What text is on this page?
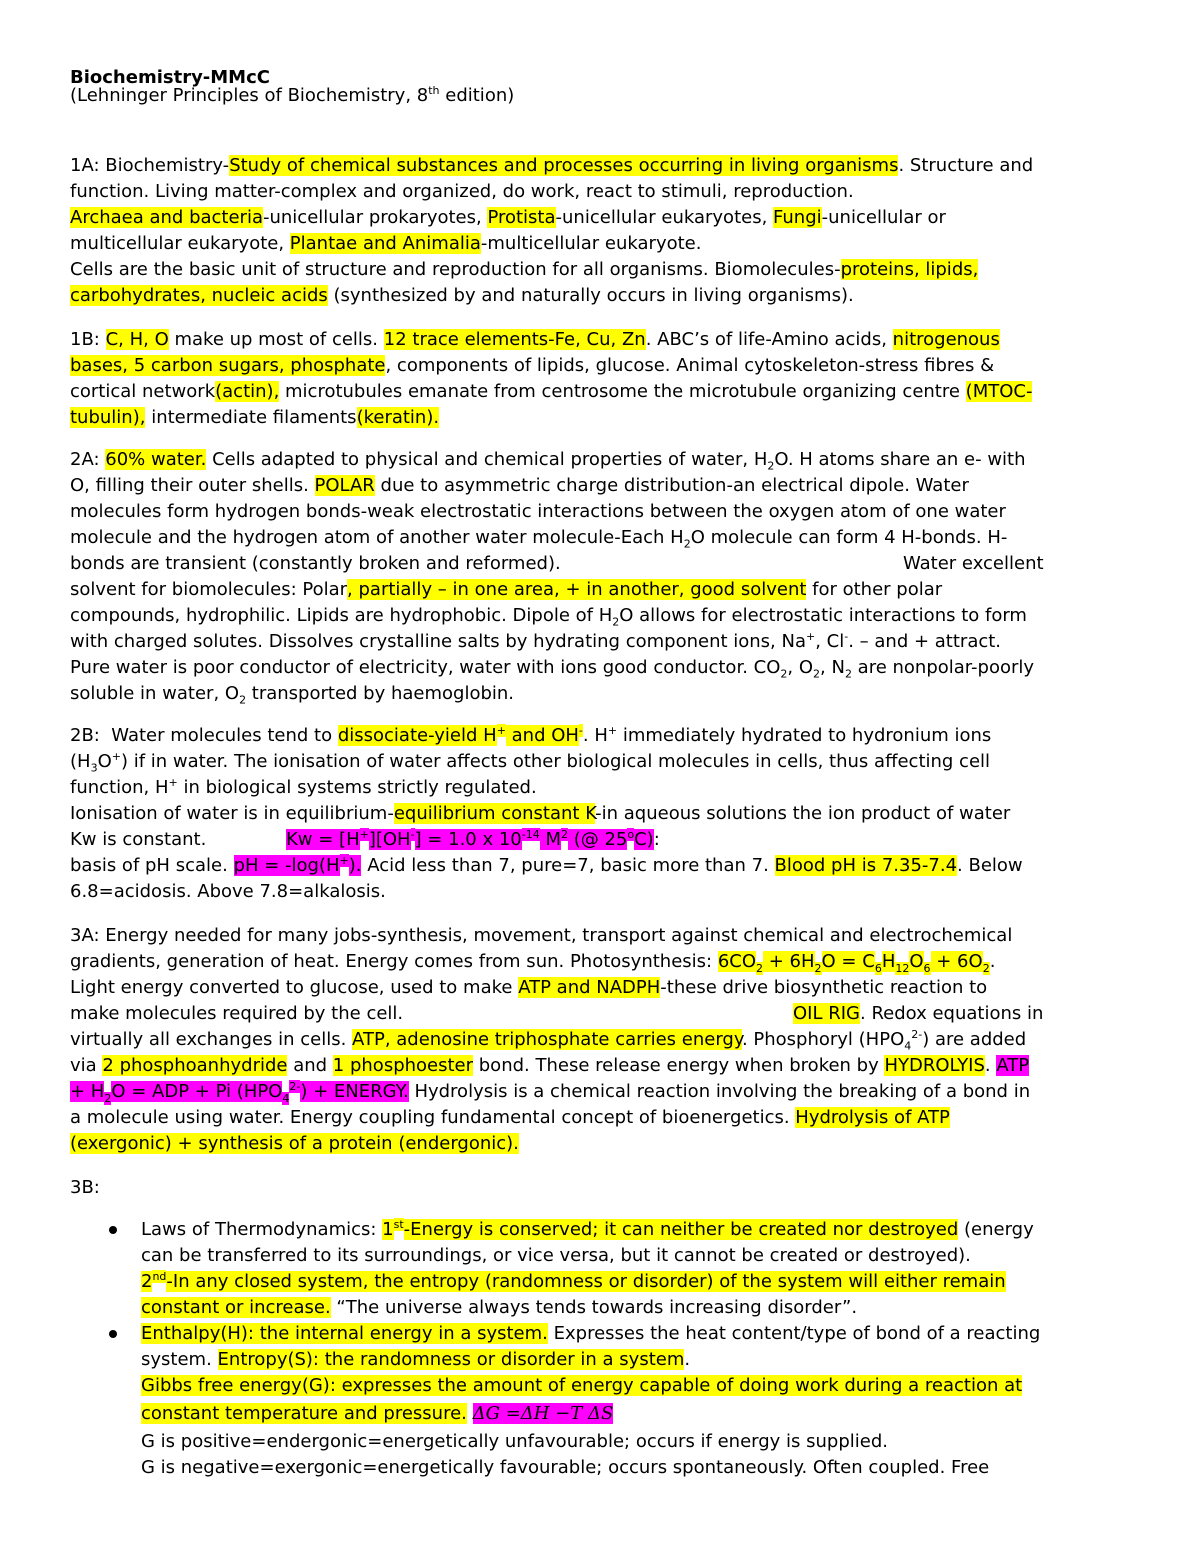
Biochemistry-MMcC
(Lehninger Principles of Biochemistry, 8th edition)
1A: Biochemistry-Study of chemical substances and processes occurring in living organisms. Structure and
function. Living matter-complex and organized, do work, react to stimuli, reproduction.
Archaea and bacteria-unicellular prokaryotes, Protista-unicellular eukaryotes, Fungi-unicellular or
multicellular eukaryote, Plantae and Animalia-multicellular eukaryote.
Cells are the basic unit of structure and reproduction for all organisms. Biomolecules-proteins, lipids,
carbohydrates, nucleic acids (synthesized by and naturally occurs in living organisms).
1B: C, H, O make up most of cells. 12 trace elements-Fe, Cu, Zn. ABC’s of life-Amino acids, nitrogenous
bases, 5 carbon sugars, phosphate, components of lipids, glucose. Animal cytoskeleton-stress fibres &
cortical network(actin), microtubules emanate from centrosome the microtubule organizing centre (MTOC-
tubulin), intermediate filaments(keratin).
2A: 60% water. Cells adapted to physical and chemical properties of water, $H_2O$. H atoms share an e- with
O, filling their outer shells. POLAR due to asymmetric charge distribution-an electrical dipole. Water
molecules form hydrogen bonds-weak electrostatic interactions between the oxygen atom of one water
molecule and the hydrogen atom of another water molecule-Each $H_2O$ molecule can form 4 H-bonds. H-
bonds are transient (constantly broken and reformed).	Water excellent
solvent for biomolecules: Polar, partially – in one area, + in another, good solvent for other polar
compounds, hydrophilic. Lipids are hydrophobic. Dipole of $H_2O$ allows for electrostatic interactions to form
with charged solutes. Dissolves crystalline salts by hydrating component ions, Na+, Cl-. – and + attract.
Pure water is poor conductor of electricity, water with ions good conductor. $CO_2$, $O_2$, $N_2$ are nonpolar-poorly
soluble in water, $O_2$ transported by haemoglobin.
2B:  Water molecules tend to dissociate-yield H+ and OH-. H+ immediately hydrated to hydronium ions
$(H_3O^+)$ if in water. The ionisation of water affects other biological molecules in cells, thus affecting cell
function, H+ in biological systems strictly regulated.
Ionisation of water is in equilibrium-equilibrium constant K-in aqueous solutions the ion product of water
Kw is constant.	Kw = [H+][OH-] = 1.0 x $10^{-14}$ $M^2$ (@ 25$^o$C):
basis of pH scale. pH = -log(H+). Acid less than 7, pure=7, basic more than 7. Blood pH is 7.35-7.4. Below
6.8=acidosis. Above 7.8=alkalosis.
3A: Energy needed for many jobs-synthesis, movement, transport against chemical and electrochemical
gradients, generation of heat. Energy comes from sun. Photosynthesis: $6CO_2 + 6H_2O = C_6H_{12}O_6 + 6O_2$.
Light energy converted to glucose, used to make ATP and NADPH-these drive biosynthetic reaction to
make molecules required by the cell.	OIL RIG. Redox equations in
virtually all exchanges in cells. ATP, adenosine triphosphate carries energy. Phosphoryl $(HPO_4^{2-})$ are added
via 2 phosphoanhydride and 1 phosphoester bond. These release energy when broken by HYDROLYIS. ATP
+ $H_2O$ = ADP + Pi $(HPO_4^{2-})$ + ENERGY. Hydrolysis is a chemical reaction involving the breaking of a bond in
a molecule using water. Energy coupling fundamental concept of bioenergetics. Hydrolysis of ATP
(exergonic) + synthesis of a protein (endergonic).
3B:
Laws of Thermodynamics: 1st-Energy is conserved; it can neither be created nor destroyed (energy
can be transferred to its surroundings, or vice versa, but it cannot be created or destroyed).
2nd-In any closed system, the entropy (randomness or disorder) of the system will either remain
constant or increase. “The universe always tends towards increasing disorder”.
Enthalpy(H): the internal energy in a system. Expresses the heat content/type of bond of a reacting
system. Entropy(S): the randomness or disorder in a system.
Gibbs free energy(G): expresses the amount of energy capable of doing work during a reaction at
constant temperature and pressure. ΔG =ΔH −T ΔS
G is positive=endergonic=energetically unfavourable; occurs if energy is supplied.
G is negative=exergonic=energetically favourable; occurs spontaneously. Often coupled. Free
